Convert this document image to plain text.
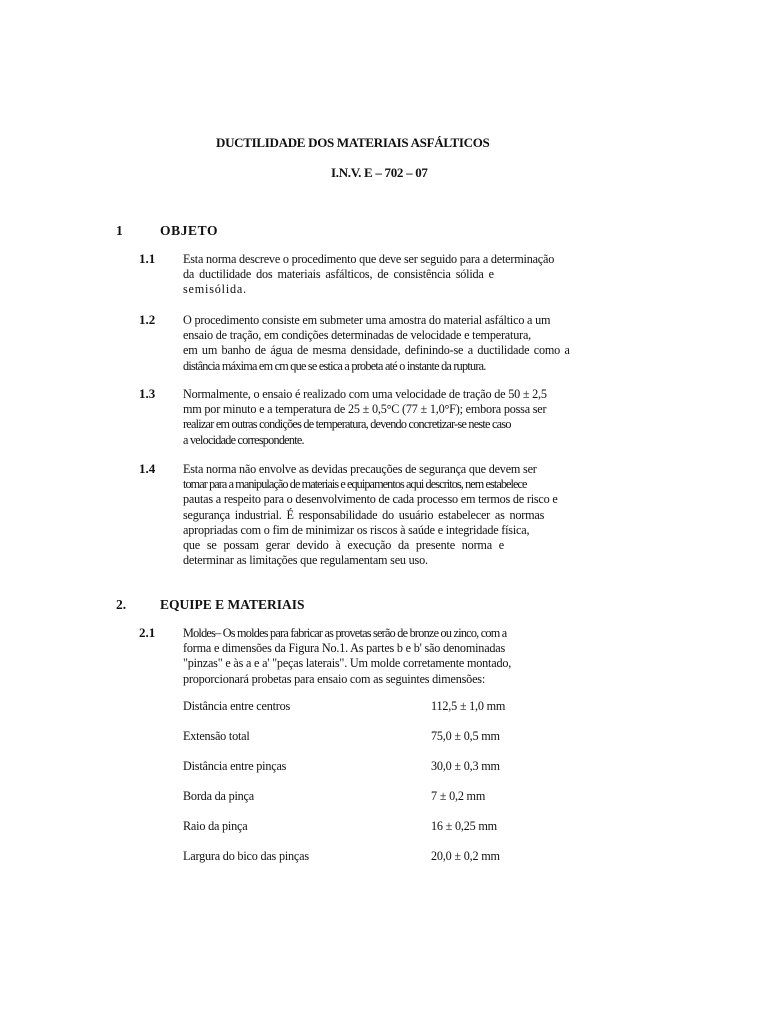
DUCTILIDADE DOS MATERIAIS ASFÁLTICOS
I.N.V. E – 702 – 07
1	OBJETO
1.1 Esta norma descreve o procedimento que deve ser seguido para a determinação
da ductilidade dos materiais asfálticos, de consistência sólida e
semisólida.
1.2 O procedimento consiste em submeter uma amostra do material asfáltico a um
ensaio de tração, em condições determinadas de velocidade e temperatura,
em um banho de água de mesma densidade, definindo-se a ductilidade como a
distância máxima em cm que se estica a probeta até o instante da ruptura.
1.3 Normalmente, o ensaio é realizado com uma velocidade de tração de 50 ± 2,5
mm por minuto e a temperatura de 25 ± 0,5°C (77 ± 1,0°F); embora possa ser
realizar em outras condições de temperatura, devendo concretizar-se neste caso
a velocidade correspondente.
1.4 Esta norma não envolve as devidas precauções de segurança que devem ser
tomar para a manipulação de materiais e equipamentos aqui descritos, nem estabelece
pautas a respeito para o desenvolvimento de cada processo em termos de risco e
segurança industrial. É responsabilidade do usuário estabelecer as normas
apropriadas com o fim de minimizar os riscos à saúde e integridade física,
que se possam gerar devido à execução da presente norma e
determinar as limitações que regulamentam seu uso.
2.	EQUIPE E MATERIAIS
2.1 Moldes– Os moldes para fabricar as provetas serão de bronze ou zinco, com a
forma e dimensões da Figura No.1. As partes b e b' são denominadas
"pinzas" e às a e a' "peças laterais". Um molde corretamente montado,
proporcionará probetas para ensaio com as seguintes dimensões:
Distância entre centros	112,5 ± 1,0 mm
Extensão total	75,0 ± 0,5 mm
Distância entre pinças	30,0 ± 0,3 mm
Borda da pinça	7 ± 0,2 mm
Raio da pinça	16 ± 0,25 mm
Largura do bico das pinças	20,0 ± 0,2 mm
